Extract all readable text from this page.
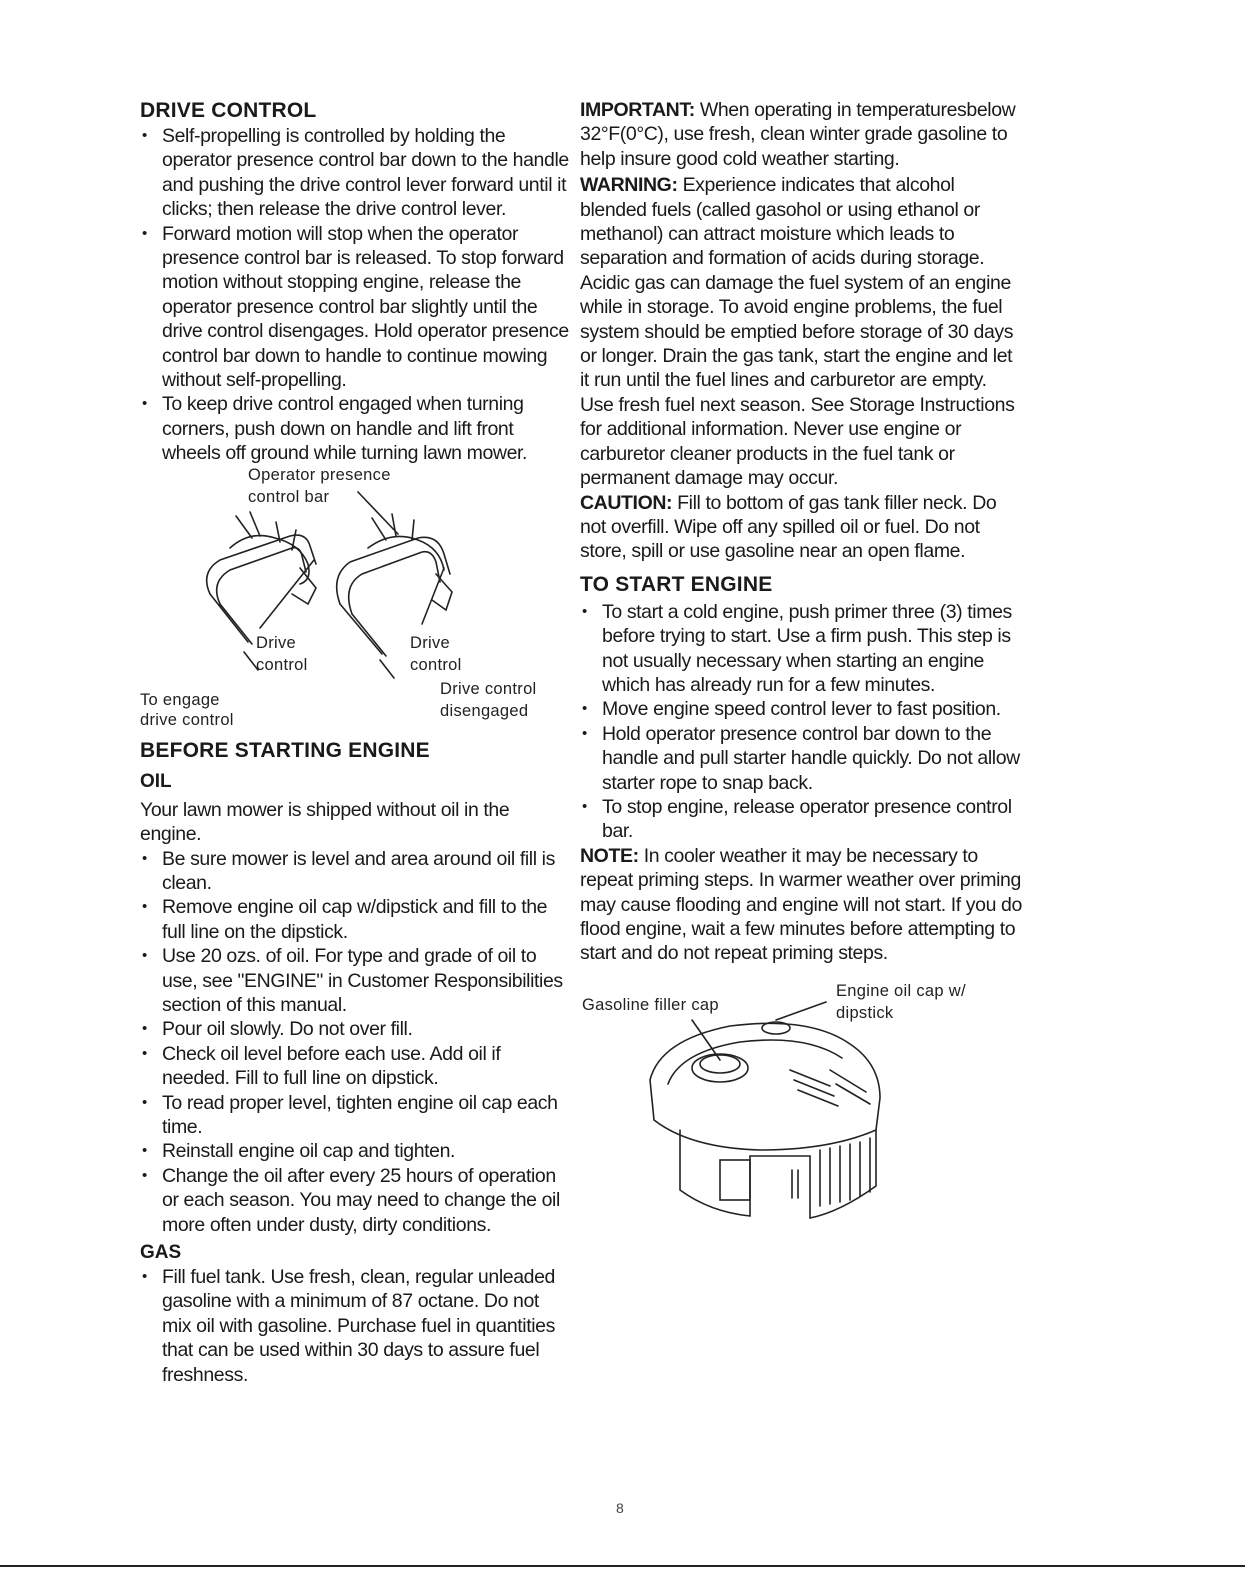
DRIVE CONTROL
• Self-propelling is controlled by holding the operator presence control bar down to the handle and pushing the drive control lever forward until it clicks; then release the drive control lever.
• Forward motion will stop when the operator presence control bar is released. To stop forward motion without stopping engine, release the operator presence control bar slightly until the drive control disengages. Hold operator presence control bar down to handle to continue mowing without self-propelling.
• To keep drive control engaged when turning corners, push down on handle and lift front wheels off ground while turning lawn mower.
Operator presence
control bar
Drive
control
Drive
control
Drive control
disengaged
To engage
drive control
BEFORE STARTING ENGINE
OIL

Your lawn mower is shipped without oil in the engine.

• Be sure mower is level and area around oil fill is clean.
• Remove engine oil cap w/dipstick and fill to the full line on the dipstick.
• Use 20 ozs. of oil. For type and grade of oil to use, see "ENGINE" in Customer Responsibilities section of this manual.
• Pour oil slowly. Do not over fill.
• Check oil level before each use. Add oil if needed. Fill to full line on dipstick.
• To read proper level, tighten engine oil cap each time.
• Reinstall engine oil cap and tighten.
• Change the oil after every 25 hours of operation or each season. You may need to change the oil more often under dusty, dirty conditions.
GAS
• Fill fuel tank. Use fresh, clean, regular unleaded gasoline with a minimum of 87 octane. Do not mix oil with gasoline. Purchase fuel in quantities that can be used within 30 days to assure fuel freshness.

IMPORTANT: When operating in temperaturesbelow 32°F(0°C), use fresh, clean winter grade gasoline to help insure good cold weather starting.

WARNING: Experience indicates that alcohol blended fuels (called gasohol or using ethanol or methanol) can attract moisture which leads to separation and formation of acids during storage. Acidic gas can damage the fuel system of an engine while in storage. To avoid engine problems, the fuel system should be emptied before storage of 30 days or longer. Drain the gas tank, start the engine and let it run until the fuel lines and carburetor are empty. Use fresh fuel next season. See Storage Instructions for additional information. Never use engine or carburetor cleaner products in the fuel tank or permanent damage may occur.

CAUTION: Fill to bottom of gas tank filler neck. Do not overfill. Wipe off any spilled oil or fuel. Do not store, spill or use gasoline near an open flame.

TO START ENGINE
• To start a cold engine, push primer three (3) times before trying to start. Use a firm push. This step is not usually necessary when starting an engine which has already run for a few minutes.
• Move engine speed control lever to fast position.
• Hold operator presence control bar down to the handle and pull starter handle quickly. Do not allow starter rope to snap back.
• To stop engine, release operator presence control bar.

NOTE: In cooler weather it may be necessary to repeat priming steps. In warmer weather over priming may cause flooding and engine will not start. If you do flood engine, wait a few minutes before attempting to start and do not repeat priming steps.

Gasoline filler cap
Engine oil cap w/
dipstick
8
